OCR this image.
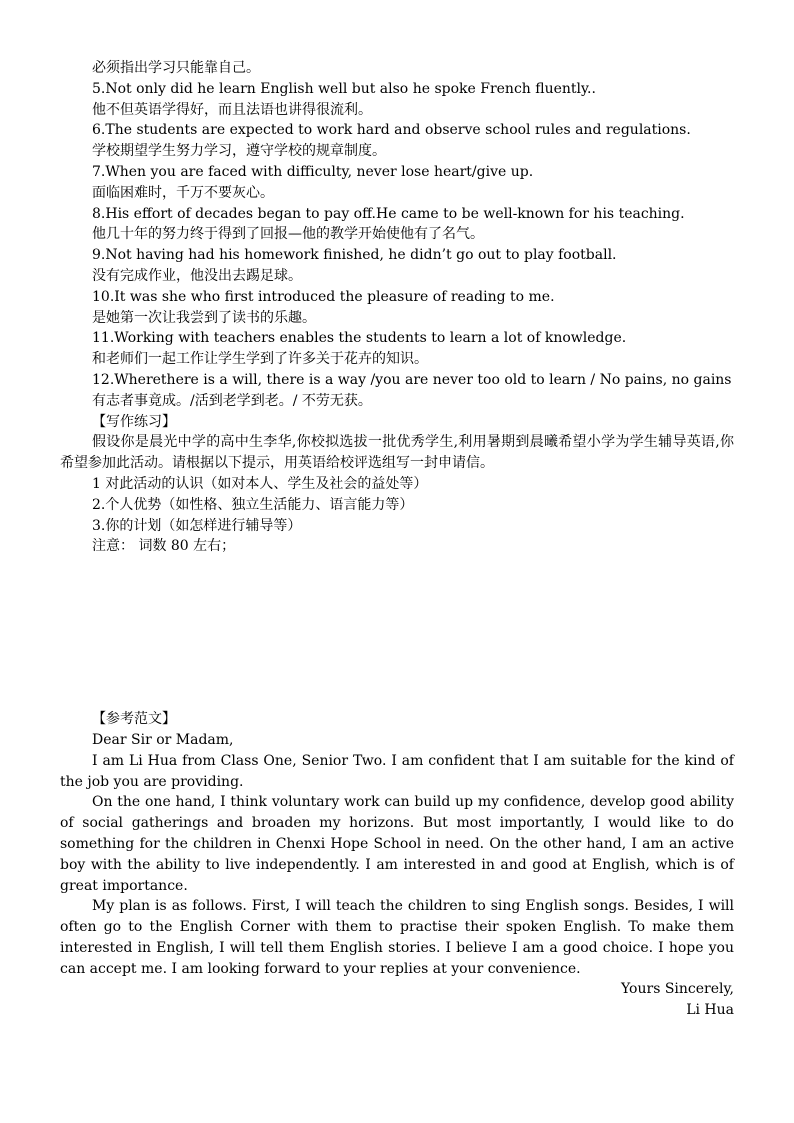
必须指出学习只能靠自己。
5.Not only did he learn English well but also he spoke French fluently..
他不但英语学得好，而且法语也讲得很流利。
6.The students are expected to work hard and observe school rules and regulations.
学校期望学生努力学习，遵守学校的规章制度。
7.When you are faced with difficulty, never lose heart/give up.
面临困难时，千万不要灰心。
8.His effort of decades began to pay off.He came to be well-known for his teaching.
他几十年的努力终于得到了回报—他的教学开始使他有了名气。
9.Not having had his homework finished, he didn’t go out to play football.
没有完成作业，他没出去踢足球。
10.It was she who first introduced the pleasure of reading to me.
是她第一次让我尝到了读书的乐趣。
11.Working with teachers enables the students to learn a lot of knowledge.
和老师们一起工作让学生学到了许多关于花卉的知识。
12.Wherethere is a will, there is a way /you are never too old to learn / No pains, no gains
有志者事竟成。/活到老学到老。/ 不劳无获。
【写作练习】
假设你是晨光中学的高中生李华,你校拟选拔一批优秀学生,利用暑期到晨曦希望小学为学生辅导英语,你希望参加此活动。请根据以下提示，用英语给校评选组写一封申请信。
1 对此活动的认识（如对本人、学生及社会的益处等）
2.个人优势（如性格、独立生活能力、语言能力等）
3.你的计划（如怎样进行辅导等）
注意： 词数 80 左右；
【参考范文】
Dear Sir or Madam,
I am Li Hua from Class One, Senior Two. I am confident that I am suitable for the kind of the job you are providing.
On the one hand, I think voluntary work can build up my confidence, develop good ability of social gatherings and broaden my horizons. But most importantly, I would like to do something for the children in Chenxi Hope School in need. On the other hand, I am an active boy with the ability to live independently. I am interested in and good at English, which is of great importance.
My plan is as follows. First, I will teach the children to sing English songs. Besides, I will often go to the English Corner with them to practise their spoken English. To make them interested in English, I will tell them English stories. I believe I am a good choice. I hope you can accept me. I am looking forward to your replies at your convenience.
Yours Sincerely,
Li Hua
